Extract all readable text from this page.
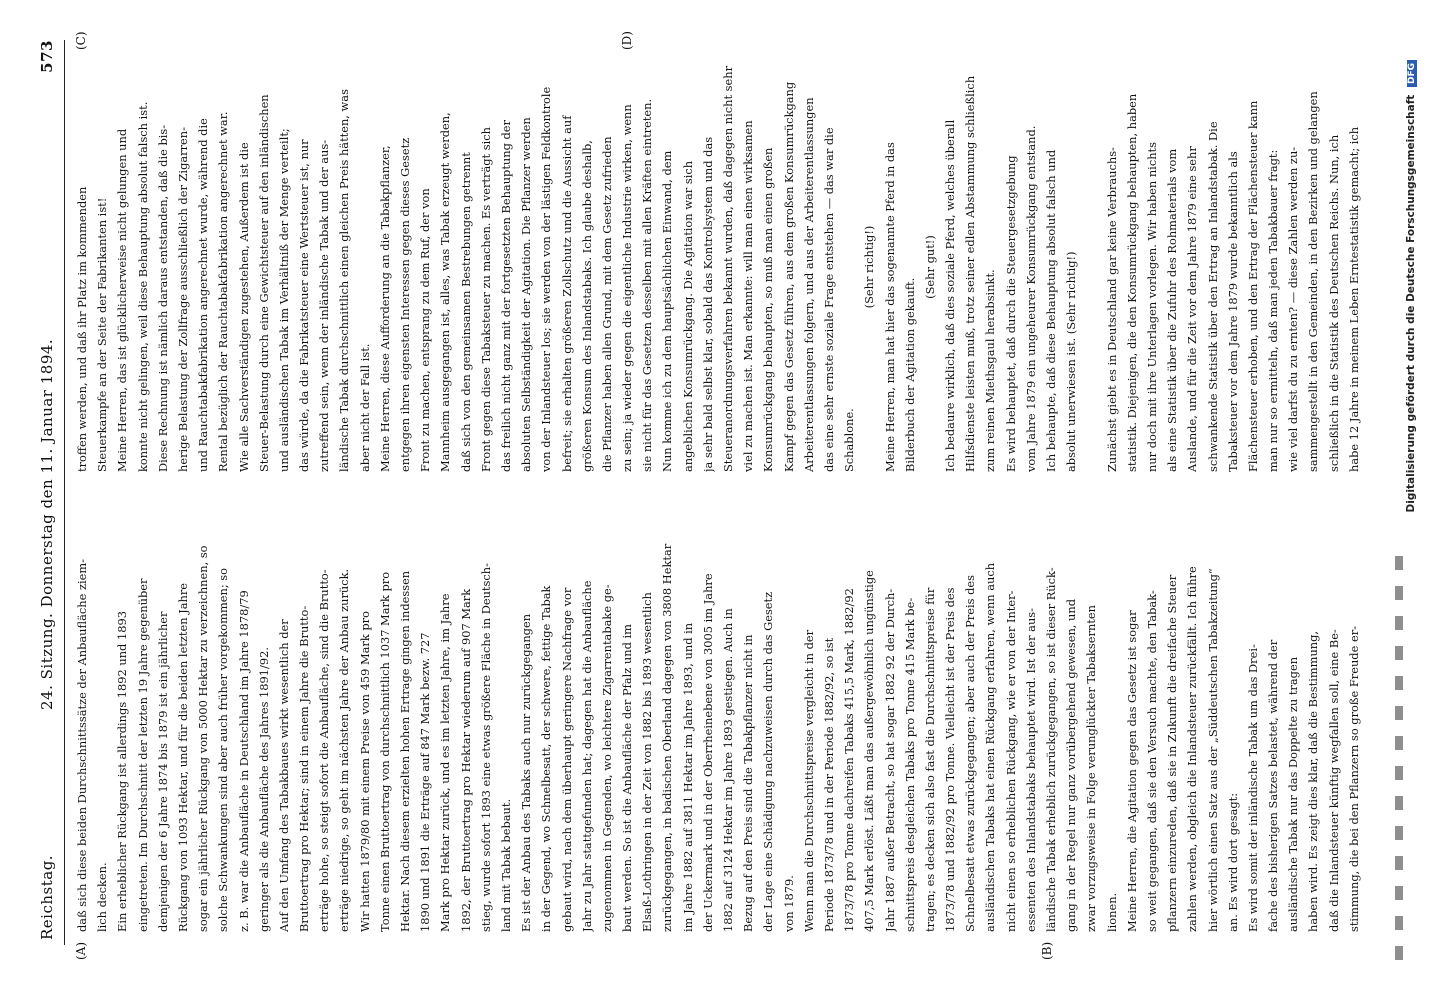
Reichstag.
24. Sitzung. Donnerstag den 11. Januar 1894.
573
(A)	(B)
(C)	(D)
daß sich diese beiden Durchschnittssätze der Anbaufläche ziem- lich decken. Ein erheblicher Rückgang ist allerdings 1892 und 1893 eingetreten. Im Durchschnitt der letzten 19 Jahre gegenüber demjenigen der 6 Jahre 1874 bis 1879 ist ein jährlicher Rückgang von 1093 Hektar, und für die beiden letzten Jahre sogar ein jährlicher Rückgang von 5000 Hektar zu verzeichnen, so solche Schwankungen sind aber auch früher vorgekommen; so z. B. war die Anbaufläche in Deutschland im Jahre 1878/79 geringer als die Anbaufläche des Jahres 1891/92. Auf den Umfang des Tabakbaues wirkt wesentlich der Bruttoertrag pro Hektar; sind in einem Jahre die Brutto- erträge hohe, so steigt sofort die Anbaufläche, sind die Brutto- erträge niedrige, so geht im nächsten Jahre der Anbau zurück. Wir hatten 1879/80 mit einem Preise von 459 Mark pro Tonne einen Bruttoertrag von durchschnittlich 1037 Mark pro Hektar. Nach diesem erzielten hohen Ertrage gingen indessen 1890 und 1891 die Erträge auf 847 Mark bezw. 727 Mark pro Hektar zurück, und es im letzten Jahre, im Jahre 1892, der Bruttoertrag pro Hektar wiederum auf 907 Mark stieg, wurde sofort 1893 eine etwas größere Fläche in Deutsch- land mit Tabak bebaut. Es ist der Anbau des Tabaks auch nur zurückgegangen in der Gegend, wo Schnelbesatt, der schwere, fettige Tabak gebaut wird, nach dem überhaupt geringere Nachfrage vor Jahr zu Jahr stattgefunden hat; dagegen hat die Anbaufläche zugenommen in Gegenden, wo leichtere Zigarrentabake ge- baut werden. So ist die Anbaufläche der Pfalz und im Elsaß-Lothringen in der Zeit von 1882 bis 1893 wesentlich zurückgegangen, in badischen Oberland dagegen von 3808 Hektar im Jahre 1882 auf 3811 Hektar im Jahre 1893, und in der Uckermark und in der Oberrheinebene von 3005 im Jahre 1882 auf 3124 Hektar im Jahre 1893 gestiegen. Auch in Bezug auf den Preis sind die Tabakpflanzer nicht in der Lage eine Schädigung nachzuweisen durch das Gesetz von 1879. Wenn man die Durchschnittspreise vergleicht in der Periode 1873/78 und in der Periode 1882/92, so ist 1873/78 pro Tonne dachreifen Tabaks 415,5 Mark, 1882/92 407,5 Mark erlöst. Läßt man das außergewöhnlich ungünstige Jahr 1887 außer Betracht, so hat sogar 1882 92 der Durch- schnittspreis desgleichen Tabaks pro Tonne 415 Mark be- tragen; es decken sich also fast die Durchschnittspreise für 1873/78 und 1882/92 pro Tonne. Vielleicht ist der Preis des Schnelbesatt etwas zurückgegangen; aber auch der Preis des ausländischen Tabaks hat einen Rückgang erfahren, wenn auch nicht einen so erheblichen Rückgang, wie er von der Inter- essenten des Inlandstabaks behauptet wird. Ist der aus- ländische Tabak erheblich zurückgegangen, so ist dieser Rück- gang in der Regel nur ganz vorübergehend gewesen, und zwar vorzugsweise in Folge verunglückter Tabaksernten lionen. Meine Herren, die Agitation gegen das Gesetz ist sogar so weit gegangen, daß sie den Versuch machte, den Tabak- pflanzern einzureden, daß sie in Zukunft die dreifache Steuer zahlen werden, obgleich die Inlandsteuer zurückfällt. Ich führe hier wörtlich einen Satz aus der „Süddeutschen Tabakzeitung“ an. Es wird dort gesagt: Es wird somit der inländische Tabak um das Drei- fache des bisherigen Satzes belastet, während der ausländische Tabak nur das Doppelte zu tragen haben wird. Es zeigt dies klar, daß die Bestimmung, daß die Inlandsteuer künftig wegfallen soll, eine Be- stimmung, die bei den Pflanzern so große Freude er-
troffen werden, und daß ihr Platz im kommenden Steuerkampfe an der Seite der Fabrikanten ist! Meine Herren, das ist glücklicherweise nicht gelungen und konnte nicht gelingen, weil diese Behauptung absolut falsch ist. Diese Rechnung ist nämlich daraus entstanden, daß die bis- herige Belastung der Zollfrage ausschließlich der Zigarren- und Rauchtabakfabrikation angerechnet wurde, während die Rental bezüglich der Rauchtabakfabrikation angerechnet war. Wie alle Sachverständigen zugestehen, Außerdem ist die Steuer-Belastung durch eine Gewichtsteuer auf den inländischen und ausländischen Tabak im Verhältniß der Menge verteilt; das würde, da die Fabrikatsteuer eine Wertsteuer ist, nur zutreffend sein, wenn der inländische Tabak und der aus- ländische Tabak durchschnittlich einen gleichen Preis hätten, was aber nicht der Fall ist. Meine Herren, diese Aufforderung an die Tabakpflanzer, entgegen ihren eigensten Interessen gegen dieses Gesetz Front zu machen, entsprang zu dem Ruf, der von Mannheim ausgegangen ist, alles, was Tabak erzeugt werden, daß sich von den gemeinsamen Bestrebungen getrennt Front gegen diese Tabaksteuer zu machen. Es verträgt sich das freilich nicht ganz mit der fortgesetzten Behauptung der absoluten Selbständigkeit der Agitation. Die Pflanzer werden von der Inlandsteuer los; sie werden von der lästigen Feldkontrole befreit; sie erhalten größeren Zollschutz und die Aussicht auf größeren Konsum des Inlandstabaks. Ich glaube deshalb, die Pflanzer haben allen Grund, mit dem Gesetz zufrieden zu sein; ja wieder gegen die eigentliche Industrie wirken, wenn sie nicht für das Gesetzen desselben mit allen Kräften eintreten. Nun komme ich zu dem hauptsächlichen Einwand, dem angeblichen Konsumrückgang. Die Agitation war sich ja sehr bald selbst klar, sobald das Kontrolsystem und das Steueranordnungsverfahren bekannt wurden, daß dagegen nicht sehr viel zu machen ist. Man erkannte: will man einen wirksamen Konsumrückgang behaupten, so muß man einen großen Kampf gegen das Gesetz führen, aus dem großen Konsumrückgang Arbeiterentlassungen folgern, und aus der Arbeiterentlassungen das eine sehr ernste soziale Frage entstehen — das war die Schablone.
(Sehr richtig!) Meine Herren, man hat hier das sogenannte Pferd in das Bilderbuch der Agitation gekauft.
(Sehr gut!) Ich bedaure wirklich, daß dies soziale Pferd, welches überall Hilfsdienste leisten muß, trotz seiner edlen Abstammung schließlich zum reinen Miethsgaul herabsinkt. Es wird behauptet, daß durch die Steuergesetzgebung vom Jahre 1879 ein ungeheurer Konsumrückgang entstand. Ich behaupte, daß diese Behauptung absolut falsch und absolut unerwiesen ist. (Sehr richtig!) Zunächst giebt es in Deutschland gar keine Verbrauchs- statistik. Diejenigen, die den Konsumrückgang behaupten, haben nur doch mit ihre Unterlagen vorlegen. Wir haben nichts als eine Statistik über die Zufuhr des Rohmaterials vom Auslande, und für die Zeit vor dem Jahre 1879 eine sehr schwankende Statistik über den Ertrag an Inlandstabak. Die Tabaksteuer vor dem Jahre 1879 wurde bekanntlich als Flächensteuer erhoben, und den Ertrag der Flächensteuer kann man nur so ermitteln, daß man jeden Tabakbauer fragt: wie viel darfst du zu ernten? — diese Zahlen werden zu- sammengestellt in den Gemeinden, in den Bezirken und gelangen schließlich in die Statistik des Deutschen Reichs. Nun, ich habe 12 Jahre in meinem Leben Erntestatistik gemacht; ich	Digitalisierung gefördert durch die Deutsche Forschungsgemeinschaft DFG
